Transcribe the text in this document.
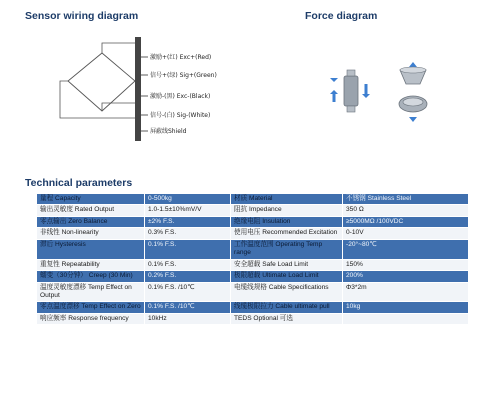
Sensor wiring diagram	Force diagram
激励+(红) Exc+(Red)
信号+(绿) Sig+(Green)
激励-(黑) Exc-(Black)
信号-(白) Sig-(White)
屏蔽线Shield
Technical parameters
量程 Capacity	0-500kg	材质 Material	不锈钢 Stainless Steel
输出灵敏度 Rated Output	1.0-1.5±10%mV/V	阻抗 Impedance	350 Ω
零点输出 Zero Balance	±2% F.S.	绝缘电阻 Insulation	≥5000MΩ /100VDC
非线性 Non-linearity	0.3% F.S.	使用电压 Recommended Excitation	0-10V
滞后 Hysteresis	0.1% F.S.	工作温度范围 Operating Temp range	-20°~80℃
重复性 Repeatability	0.1% F.S.	安全超载 Safe Load Limit	150%
蠕变（30分钟） Creep (30 Min)	0.2% F.S.	极限超载 Ultimate Load Limit	200%
温度灵敏度漂移 Temp Effect on Output	0.1% F.S. /10℃	电缆线规格 Cable Specifications	Φ3*2m
零点温度漂移 Temp Effect on Zero	0.1% F.S. /10℃	线缆极限拉力 Cable ultimate pull	10kg
响应频率 Response frequency	10kHz	TEDS Optional 可选	
